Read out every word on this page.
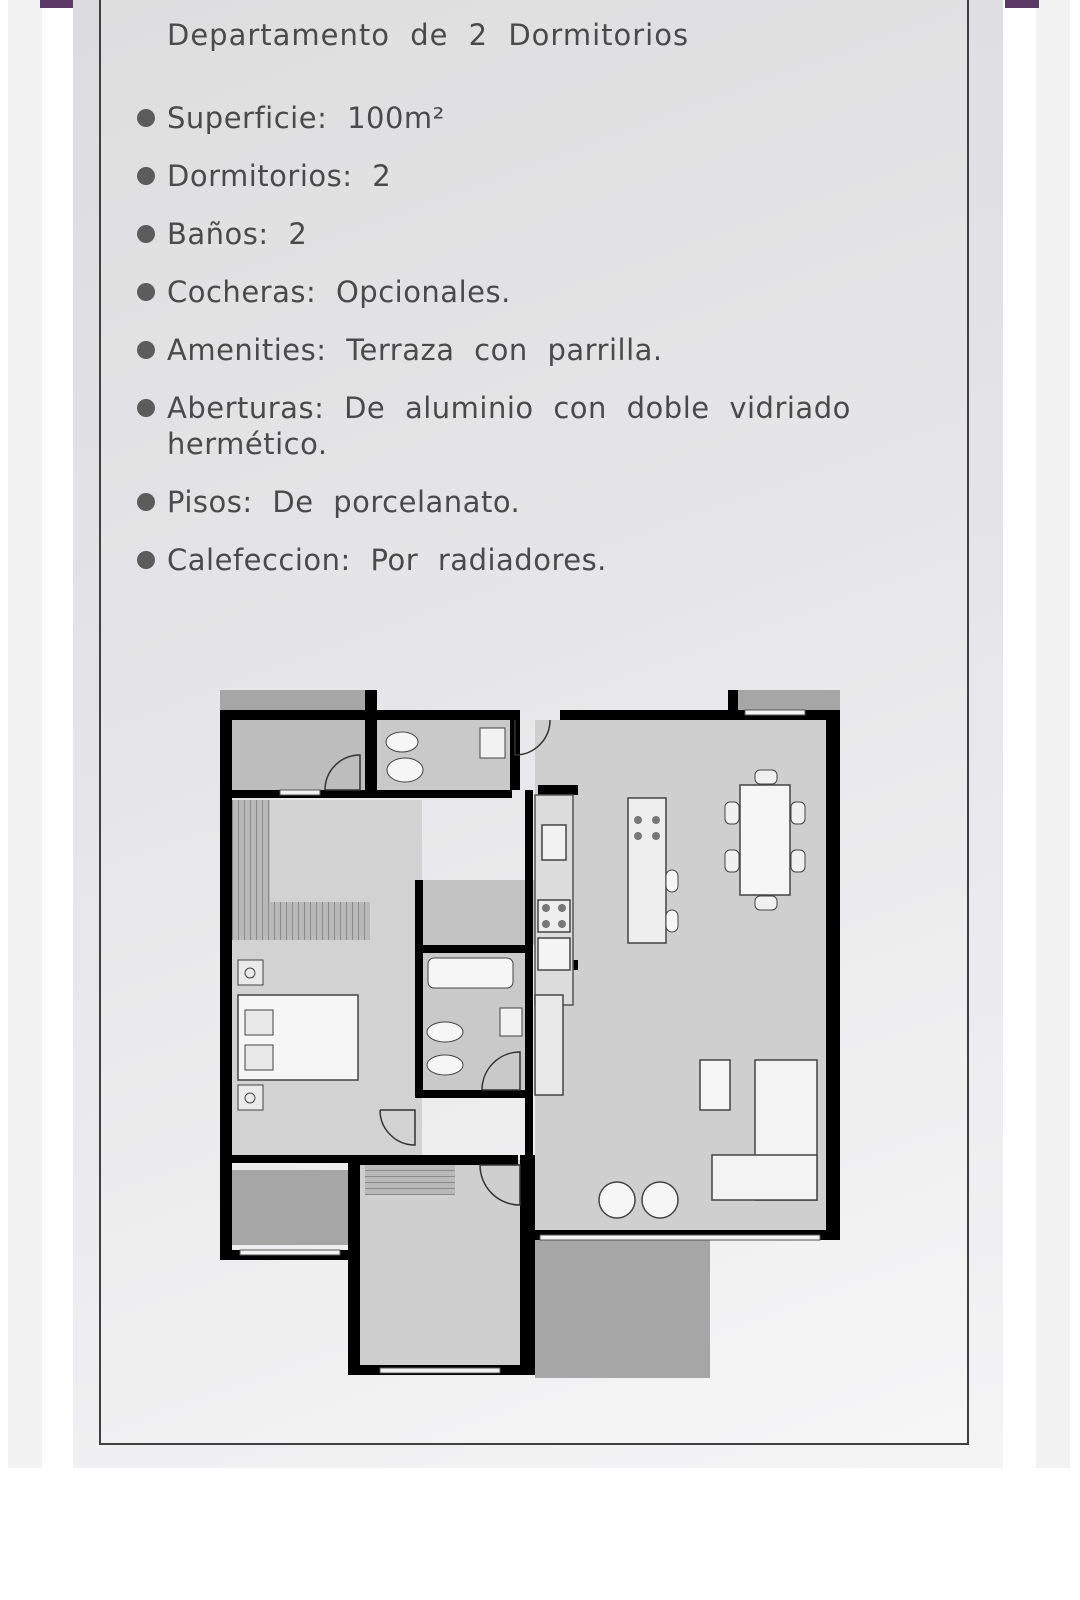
Departamento de 2 Dormitorios
Superficie: 100m²
Dormitorios: 2
Baños: 2
Cocheras: Opcionales.
Amenities: Terraza con parrilla.
Aberturas: De aluminio con doble vidriado hermético.
Pisos: De porcelanato.
Calefeccion: Por radiadores.
